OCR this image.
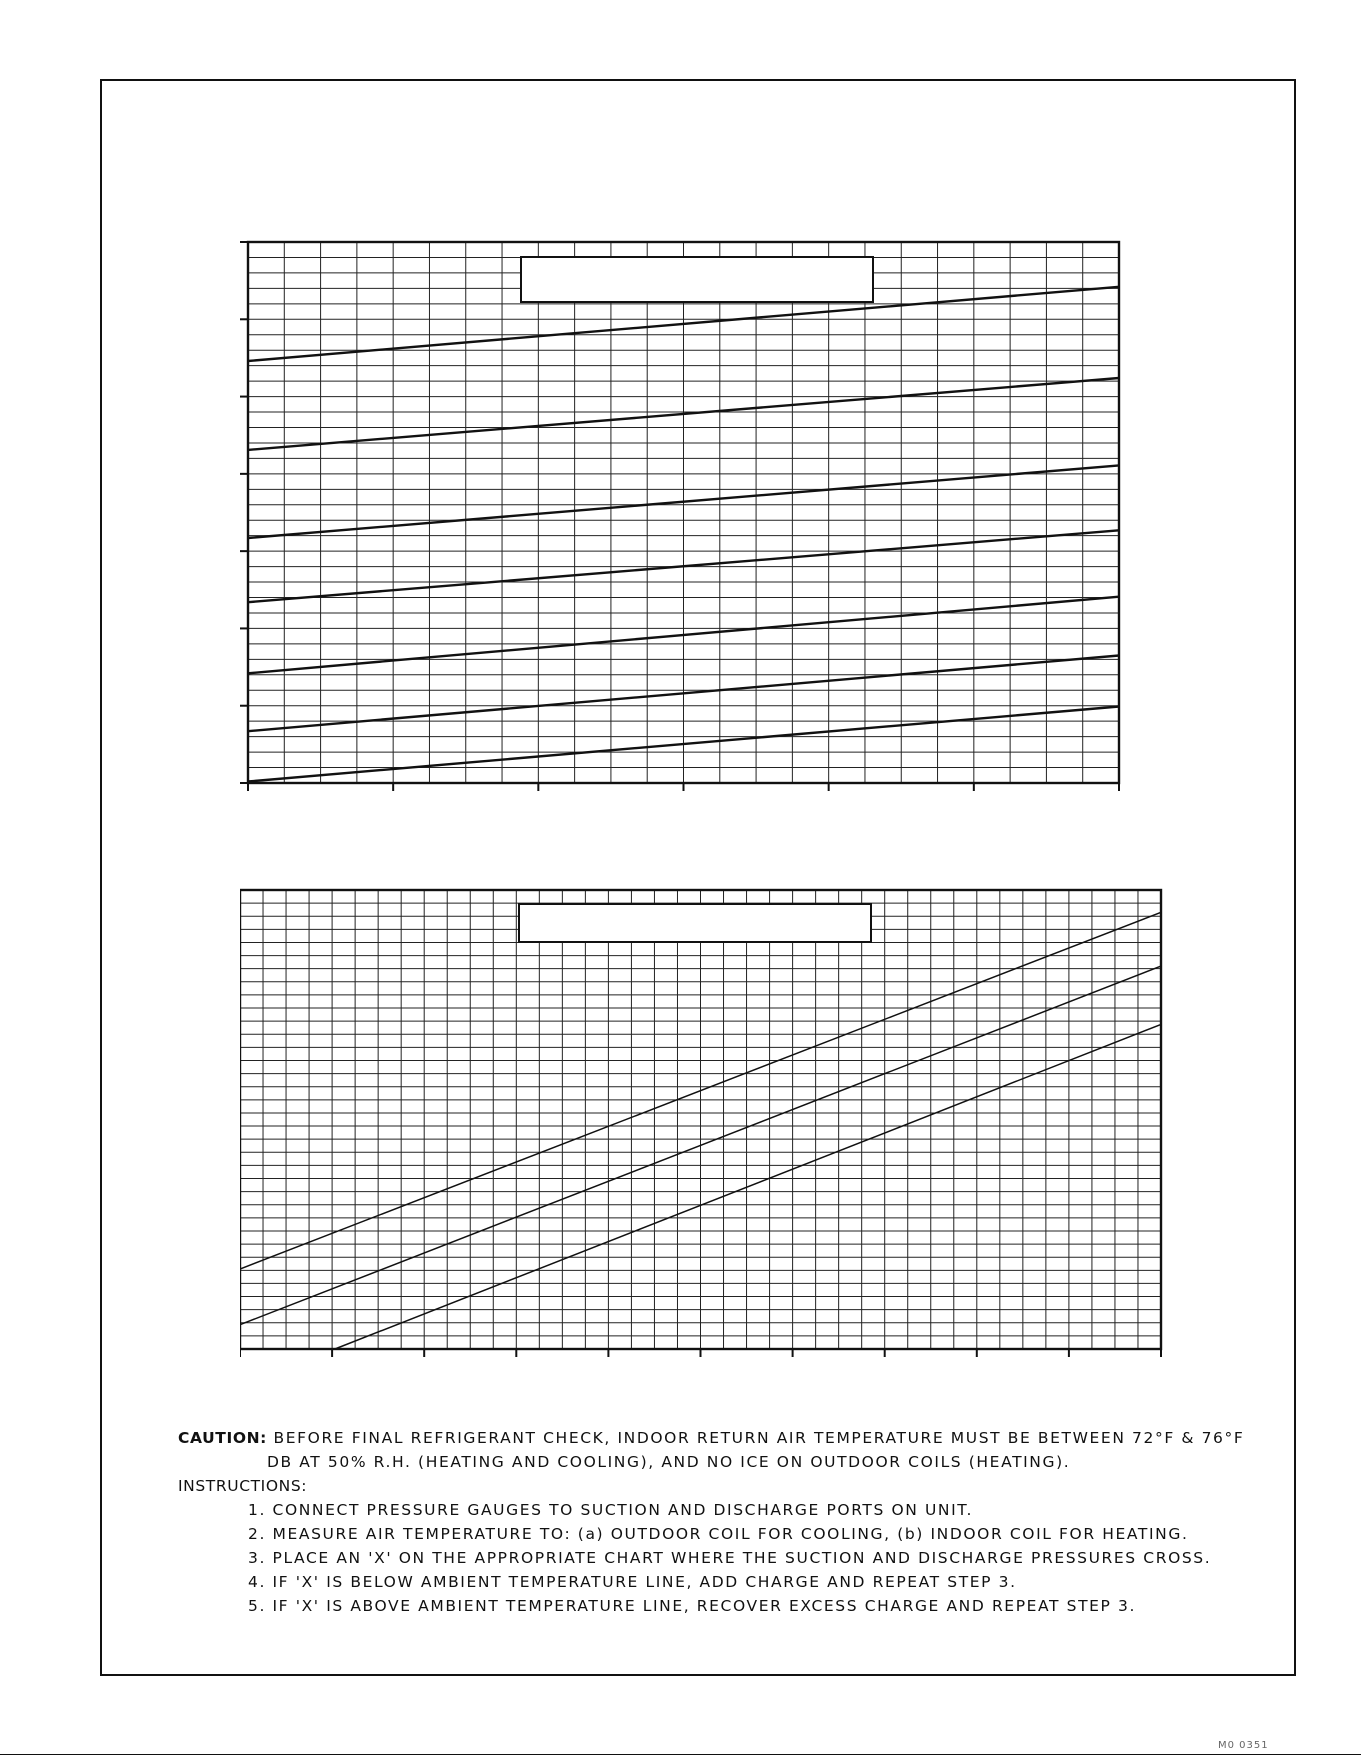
CAUTION: BEFORE FINAL REFRIGERANT CHECK, INDOOR RETURN AIR TEMPERATURE MUST BE BETWEEN 72°F & 76°F
DB AT 50% R.H. (HEATING AND COOLING), AND NO ICE ON OUTDOOR COILS (HEATING).
INSTRUCTIONS:
1. CONNECT PRESSURE GAUGES TO SUCTION AND DISCHARGE PORTS ON UNIT.
2. MEASURE AIR TEMPERATURE TO: (a) OUTDOOR COIL FOR COOLING, (b) INDOOR COIL FOR HEATING.
3. PLACE AN 'X' ON THE APPROPRIATE CHART WHERE THE SUCTION AND DISCHARGE PRESSURES CROSS.
4. IF 'X' IS BELOW AMBIENT TEMPERATURE LINE, ADD CHARGE AND REPEAT STEP 3.
5. IF 'X' IS ABOVE AMBIENT TEMPERATURE LINE, RECOVER EXCESS CHARGE AND REPEAT STEP 3.
M0 0351
